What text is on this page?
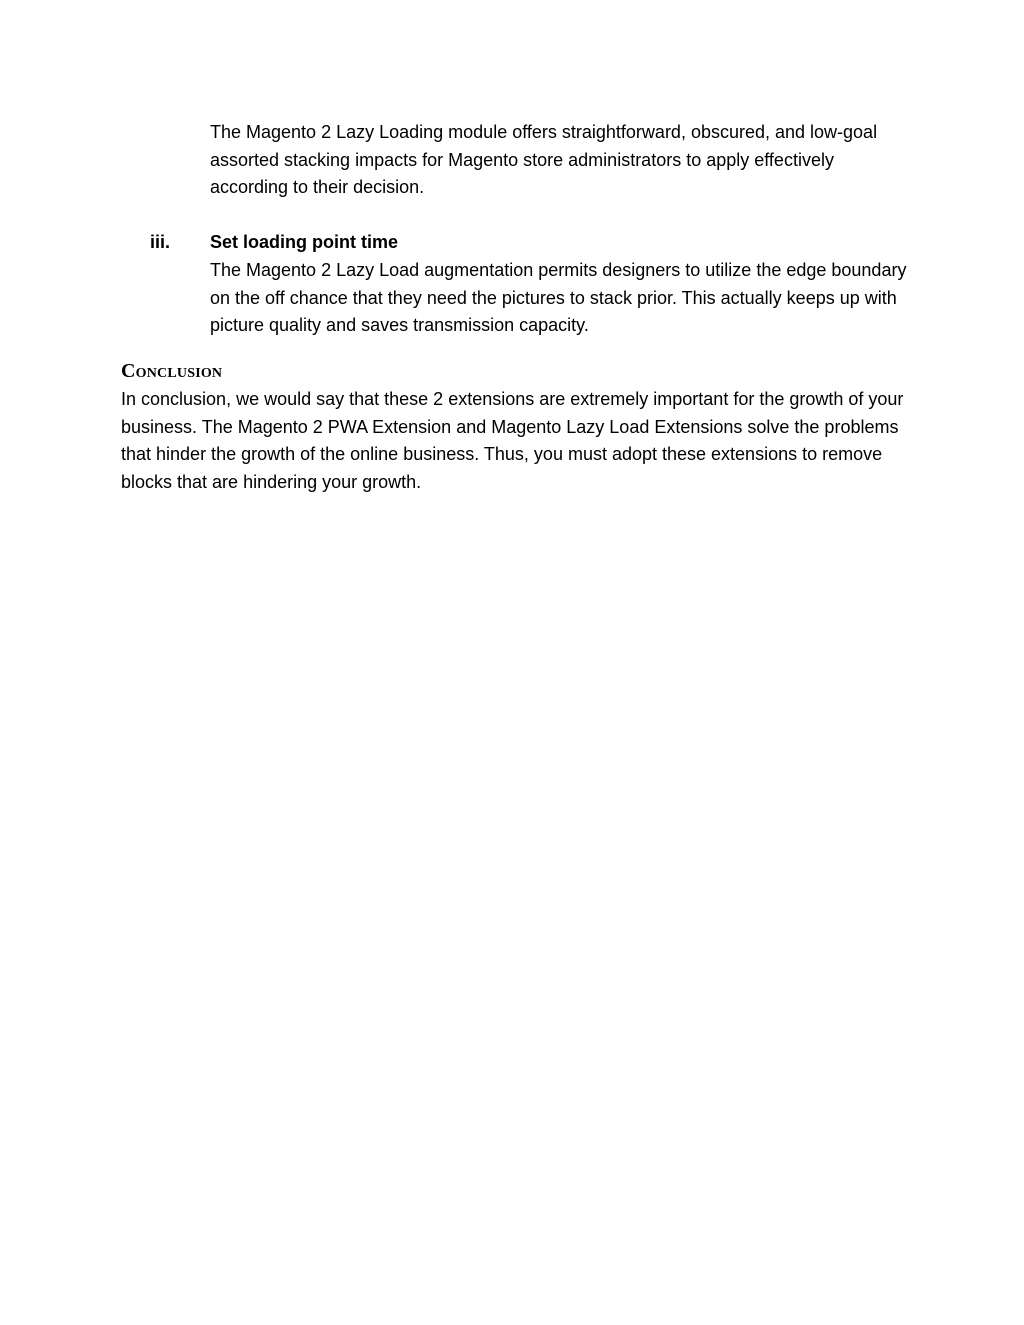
The Magento 2 Lazy Loading module offers straightforward, obscured, and low-goal assorted stacking impacts for Magento store administrators to apply effectively according to their decision.

iii. Set loading point time

The Magento 2 Lazy Load augmentation permits designers to utilize the edge boundary on the off chance that they need the pictures to stack prior. This actually keeps up with picture quality and saves transmission capacity.

Conclusion

In conclusion, we would say that these 2 extensions are extremely important for the growth of your business. The Magento 2 PWA Extension and Magento Lazy Load Extensions solve the problems that hinder the growth of the online business. Thus, you must adopt these extensions to remove blocks that are hindering your growth.
